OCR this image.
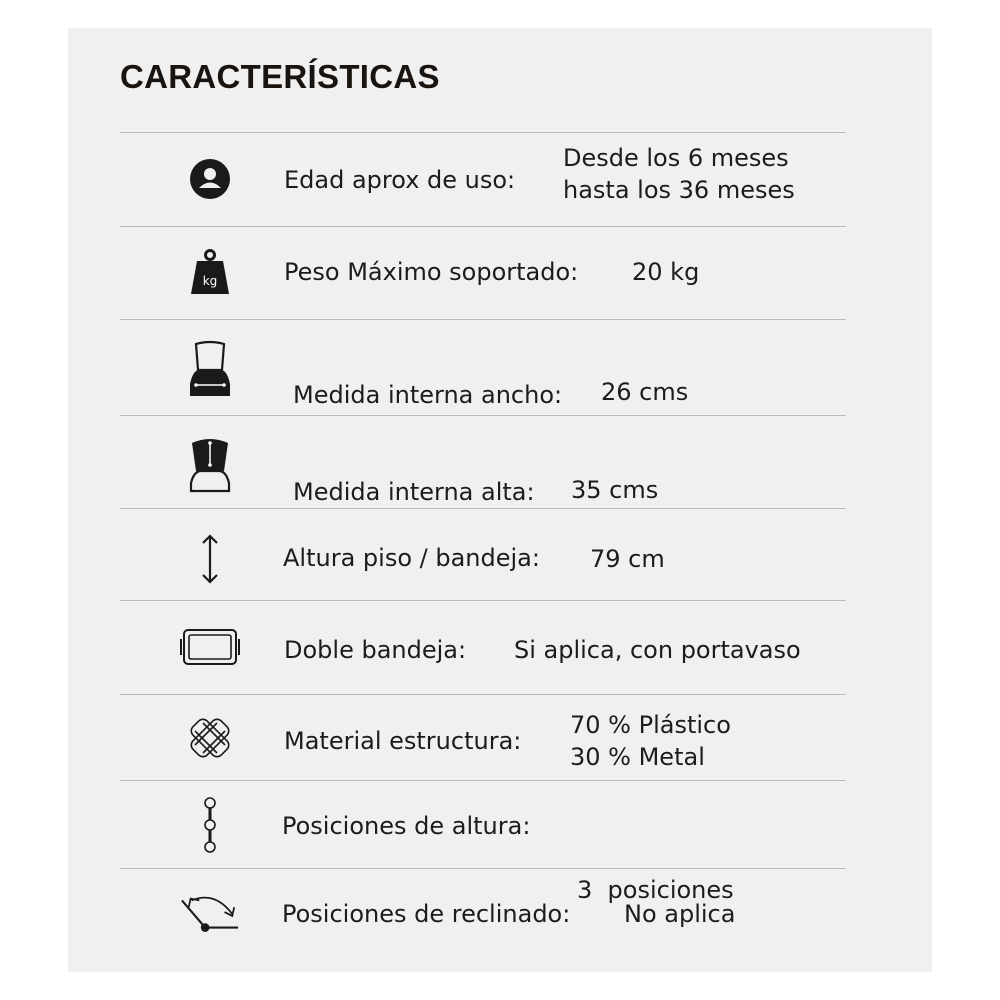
CARACTERÍSTICAS
Edad aprox de uso:
Desde los 6 meses
hasta los 36 meses
kg	Peso Máximo soportado: 20 kg
Medida interna ancho: 26 cms
Medida interna alta: 35 cms
Altura piso / bandeja: 79 cm
Doble bandeja: Si aplica, con portavaso
Material estructura:
70 % Plástico
30 % Metal
Posiciones de altura:

3  posiciones

Posiciones de reclinado: No aplica
